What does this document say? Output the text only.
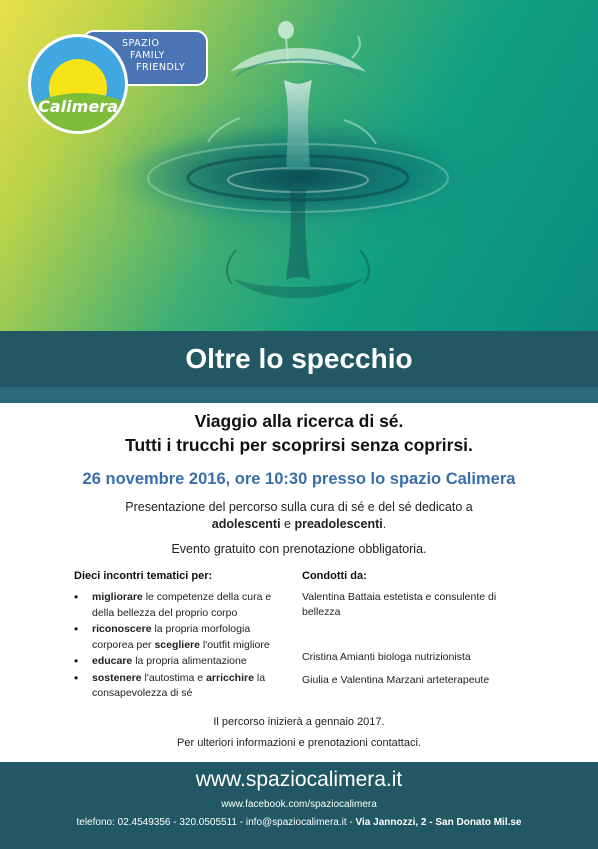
SPAZIO
FAMILY
FRIENDLY
Calimera
Oltre lo specchio
Viaggio alla ricerca di sé.
Tutti i trucchi per scoprirsi senza coprirsi.
26 novembre 2016, ore 10:30 presso lo spazio Calimera
Presentazione del percorso sulla cura di sé e del sé dedicato a
adolescenti e preadolescenti.
Evento gratuito con prenotazione obbligatoria.
Dieci incontri tematici per:	Condotti da:
• migliorare le competenze della cura e della bellezza del proprio corpo
• riconoscere la propria morfologia corporea per scegliere l'outfit migliore
• educare la propria alimentazione
• sostenere l'autostima e arricchire la consapevolezza di sé
Valentina Battaia estetista e consulente di bellezza
Cristina Amianti biologa nutrizionista
Giulia e Valentina Marzani arteterapeute
Il percorso inizierà a gennaio 2017.
Per ulteriori informazioni e prenotazioni contattaci.
www.spaziocalimera.it
www.facebook.com/spaziocalimera
telefono: 02.4549356 - 320.0505511 - info@spaziocalimera.it - Via Jannozzi, 2 - San Donato Mil.se
